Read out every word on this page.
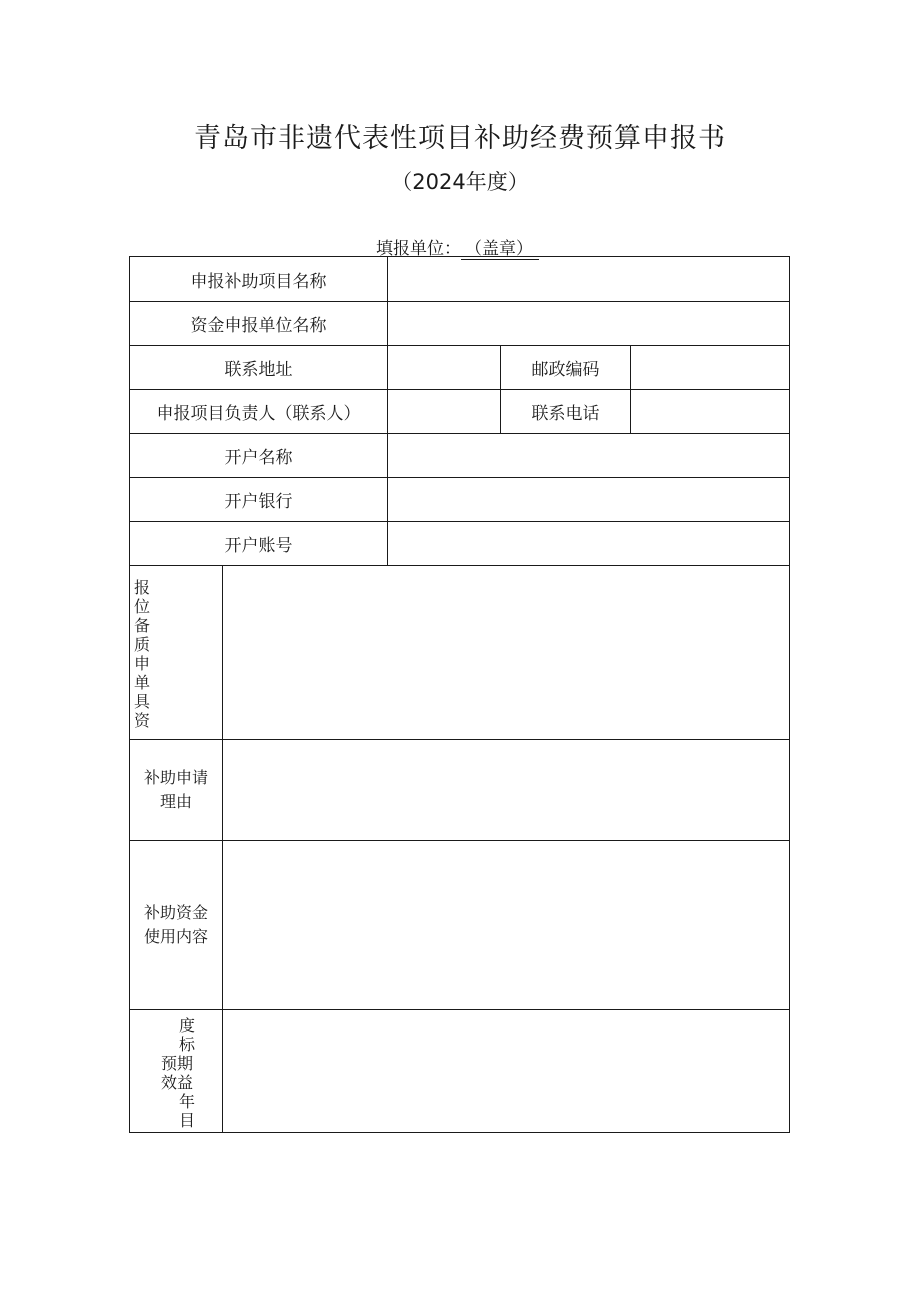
青岛市非遗代表性项目补助经费预算申报书
（2024年度）
填报单位： （盖章）
申报补助项目名称
资金申报单位名称
联系地址	邮政编码
申报项目负责人（联系人）	联系电话
开户名称
开户银行
开户账号
报
位
备
质
申
单
具
资
补助申请
理由
补助资金
使用内容
度
标
预期
效益
年
目
